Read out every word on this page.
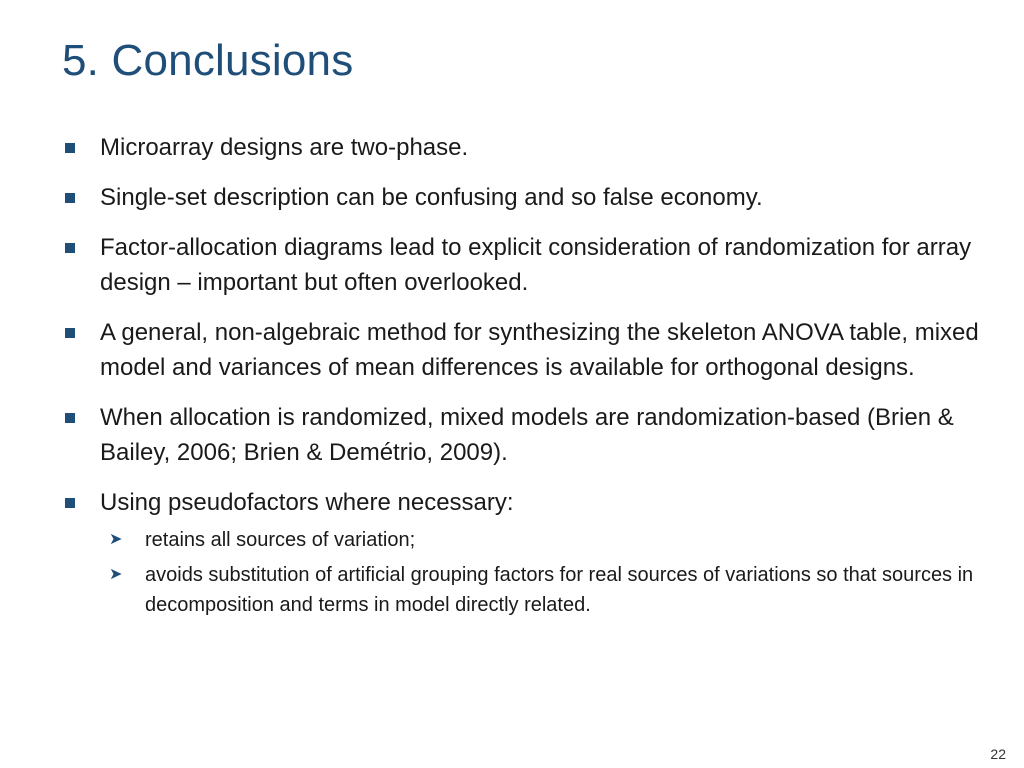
5. Conclusions
Microarray designs are two-phase.
Single-set description can be confusing and so false economy.
Factor-allocation diagrams lead to explicit consideration of randomization for array design – important but often overlooked.
A general, non-algebraic method for synthesizing the skeleton ANOVA table, mixed model and variances of mean differences is available for orthogonal designs.
When allocation is randomized, mixed models are randomization-based (Brien & Bailey, 2006; Brien & Demétrio, 2009).
Using pseudofactors where necessary:
➤ retains all sources of variation;
➤ avoids substitution of artificial grouping factors for real sources of variations so that sources in decomposition and terms in model directly related.
22
